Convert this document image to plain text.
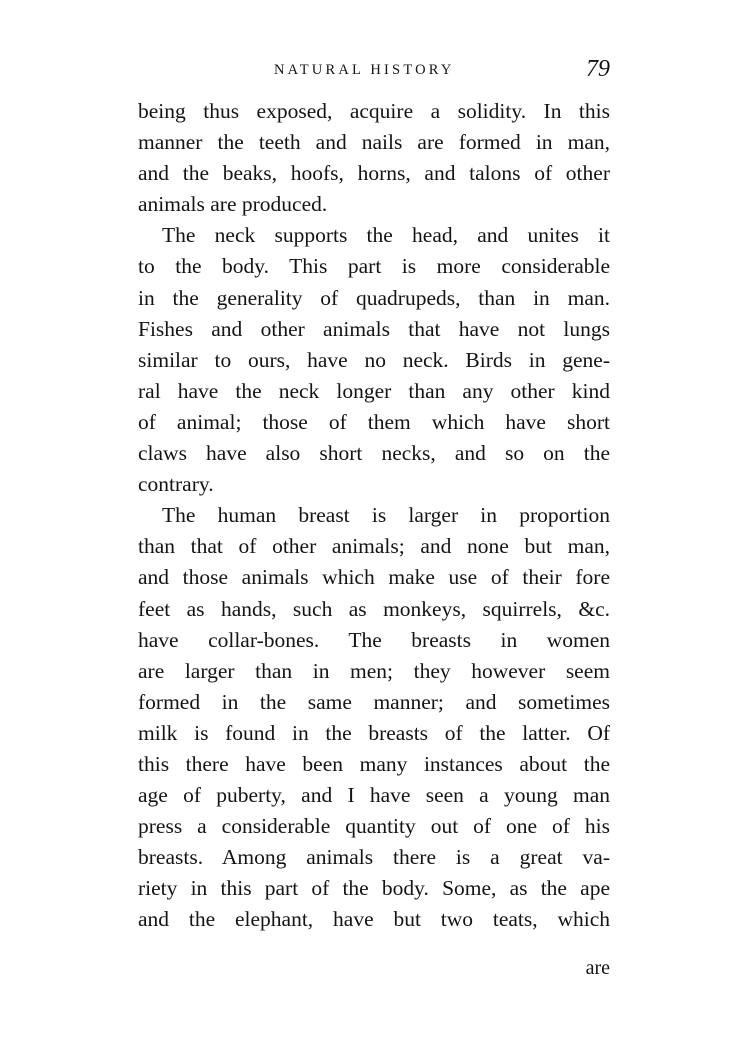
NATURAL HISTORY	79
being thus exposed, acquire a solidity. In this
manner the teeth and nails are formed in man,
and the beaks, hoofs, horns, and talons of other
animals are produced.
The neck supports the head, and unites it
to the body. This part is more considerable
in the generality of quadrupeds, than in man.
Fishes and other animals that have not lungs
similar to ours, have no neck. Birds in gene-
ral have the neck longer than any other kind
of animal; those of them which have short
claws have also short necks, and so on the
contrary.
The human breast is larger in proportion
than that of other animals; and none but man,
and those animals which make use of their fore
feet as hands, such as monkeys, squirrels, &c.
have collar-bones. The breasts in women
are larger than in men; they however seem
formed in the same manner; and sometimes
milk is found in the breasts of the latter. Of
this there have been many instances about the
age of puberty, and I have seen a young man
press a considerable quantity out of one of his
breasts. Among animals there is a great va-
riety in this part of the body. Some, as the ape
and the elephant, have but two teats, which
are
